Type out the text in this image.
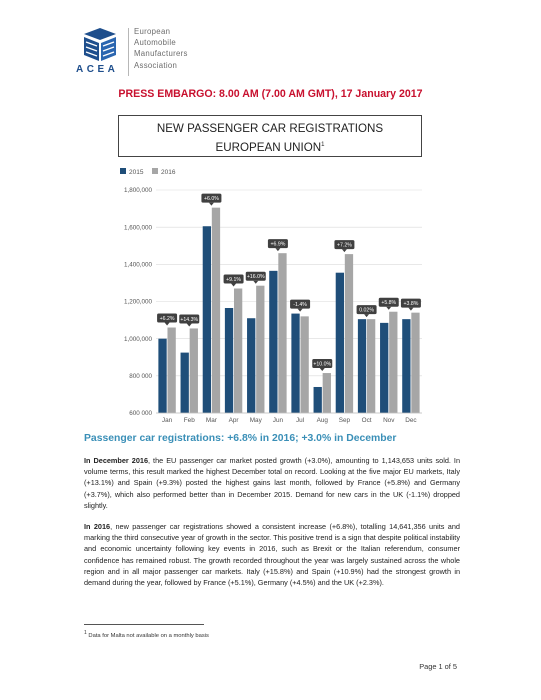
ACEA
European
Automobile
Manufacturers
Association
PRESS EMBARGO: 8.00 AM (7.00 AM GMT), 17 January 2017
NEW PASSENGER CAR REGISTRATIONS
EUROPEAN UNION$^1$
2015	2016
600 000
800 000
1,000,000
1,200,000
1,400,000
1,600,000
1,800,000
Jan
+6.2%
Feb
+14.3%
Mar
+6.0%
Apr
+9.1%
May
+16.0%
Jun
+6.9%
Jul
-1.4%
Aug
+10.0%
Sep
+7.2%
Oct
0.02%
Nov
+5.8%
Dec
+3.8%
Passenger car registrations: +6.8% in 2016; +3.0% in December
In December 2016, the EU passenger car market posted growth (+3.0%), amounting to 1,143,653 units sold. In volume terms, this result marked the highest December total on record. Looking at the five major EU markets, Italy (+13.1%) and Spain (+9.3%) posted the highest gains last month, followed by France (+5.8%) and Germany (+3.7%), which also performed better than in December 2015. Demand for new cars in the UK (-1.1%) dropped slightly.
In 2016, new passenger car registrations showed a consistent increase (+6.8%), totalling 14,641,356 units and marking the third consecutive year of growth in the sector. This positive trend is a sign that despite political instability and economic uncertainty following key events in 2016, such as Brexit or the Italian referendum, consumer confidence has remained robust. The growth recorded throughout the year was largely sustained across the whole region and in all major passenger car markets. Italy (+15.8%) and Spain (+10.9%) had the strongest growth in demand during the year, followed by France (+5.1%), Germany (+4.5%) and the UK (+2.3%).
$^1$ Data for Malta not available on a monthly basis
Page 1 of 5
